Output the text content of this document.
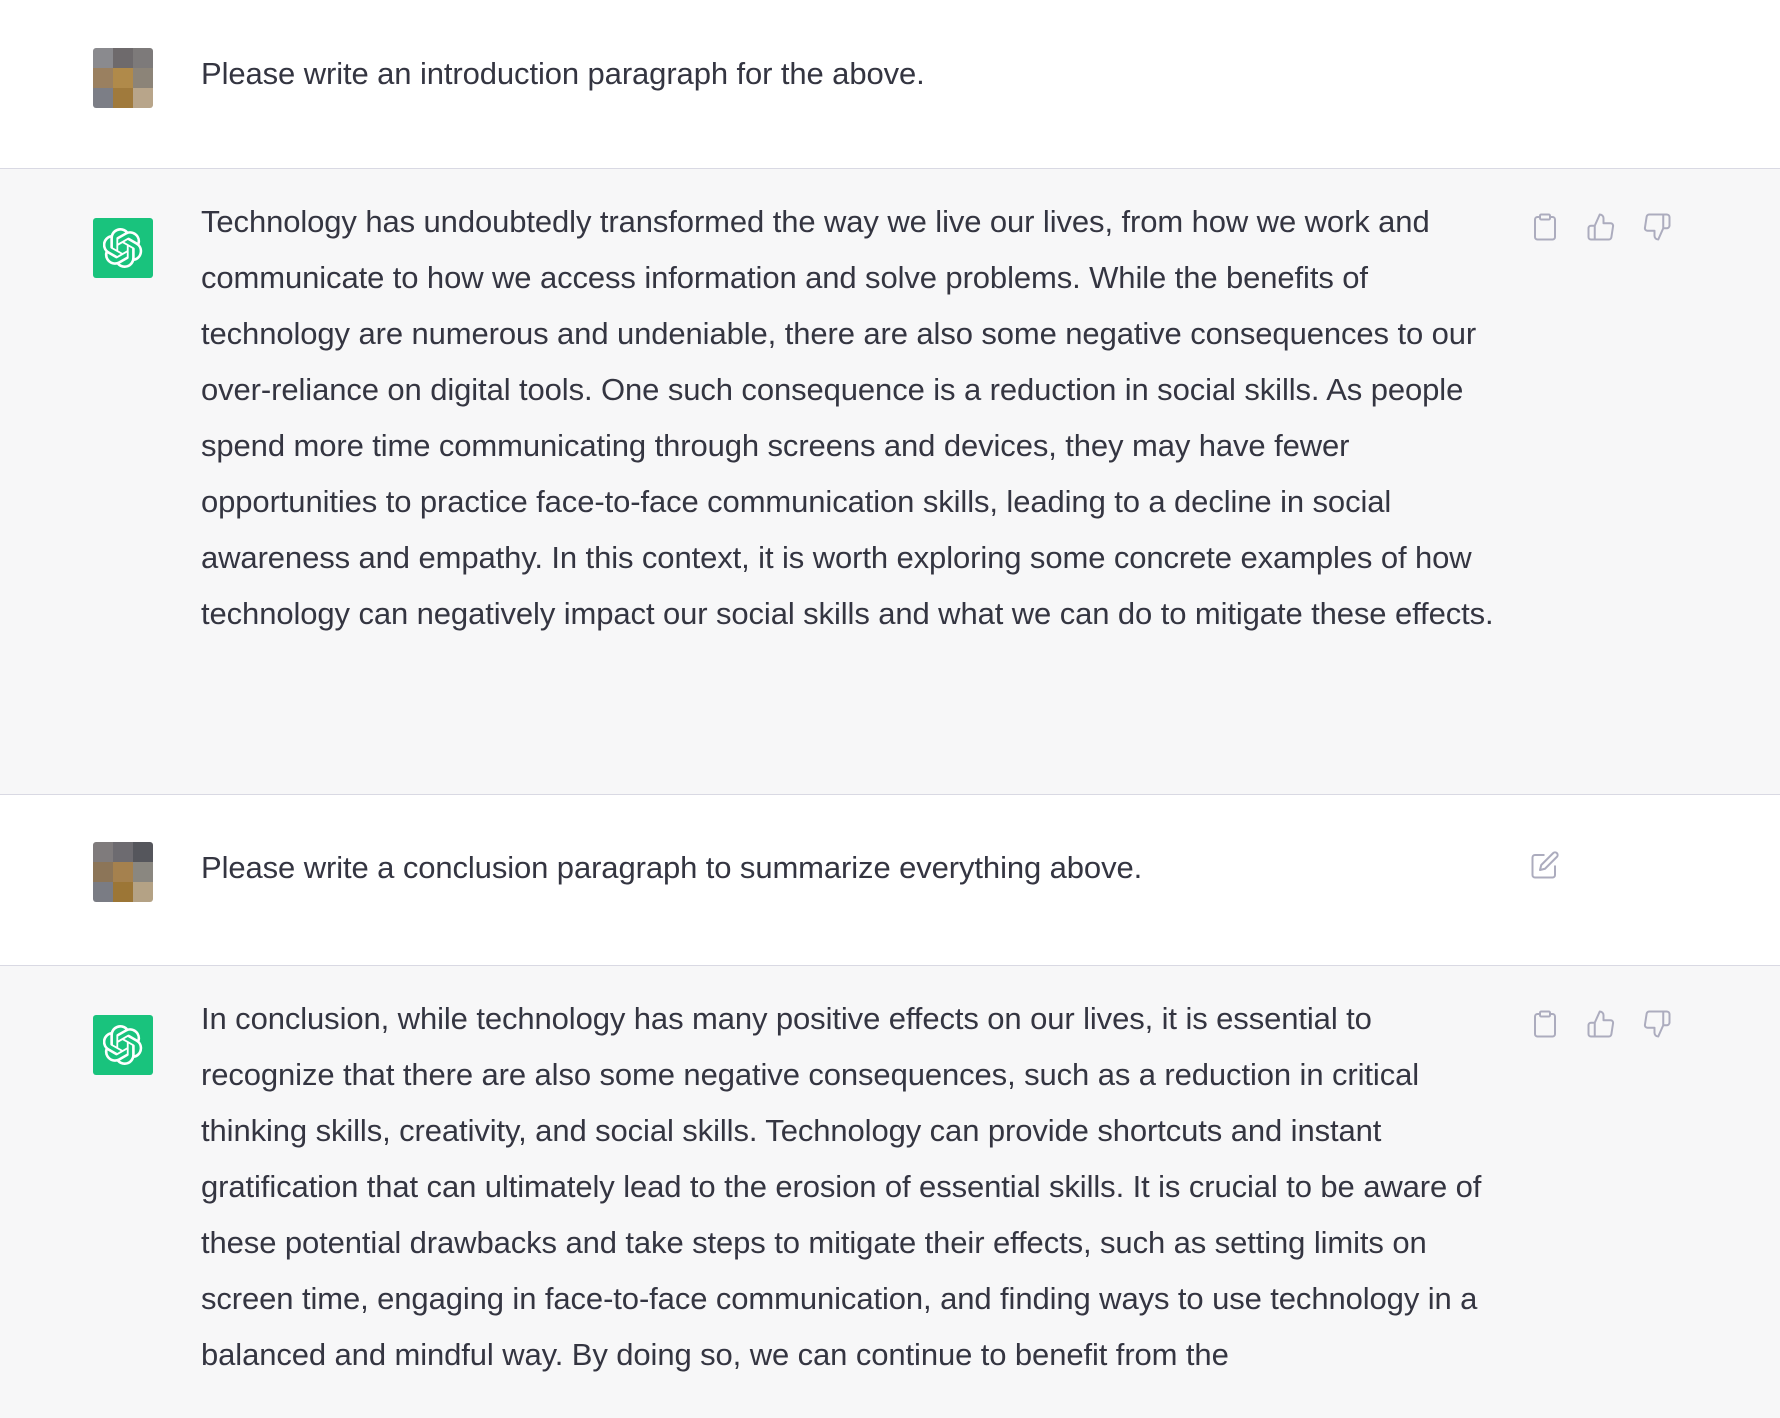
Please write an introduction paragraph for the above.
Technology has undoubtedly transformed the way we live our lives, from how we work and communicate to how we access information and solve problems. While the benefits of technology are numerous and undeniable, there are also some negative consequences to our over-reliance on digital tools. One such consequence is a reduction in social skills. As people spend more time communicating through screens and devices, they may have fewer opportunities to practice face-to-face communication skills, leading to a decline in social awareness and empathy. In this context, it is worth exploring some concrete examples of how technology can negatively impact our social skills and what we can do to mitigate these effects.
Please write a conclusion paragraph to summarize everything above.
In conclusion, while technology has many positive effects on our lives, it is essential to recognize that there are also some negative consequences, such as a reduction in critical thinking skills, creativity, and social skills. Technology can provide shortcuts and instant gratification that can ultimately lead to the erosion of essential skills. It is crucial to be aware of these potential drawbacks and take steps to mitigate their effects, such as setting limits on screen time, engaging in face-to-face communication, and finding ways to use technology in a balanced and mindful way. By doing so, we can continue to benefit from the
